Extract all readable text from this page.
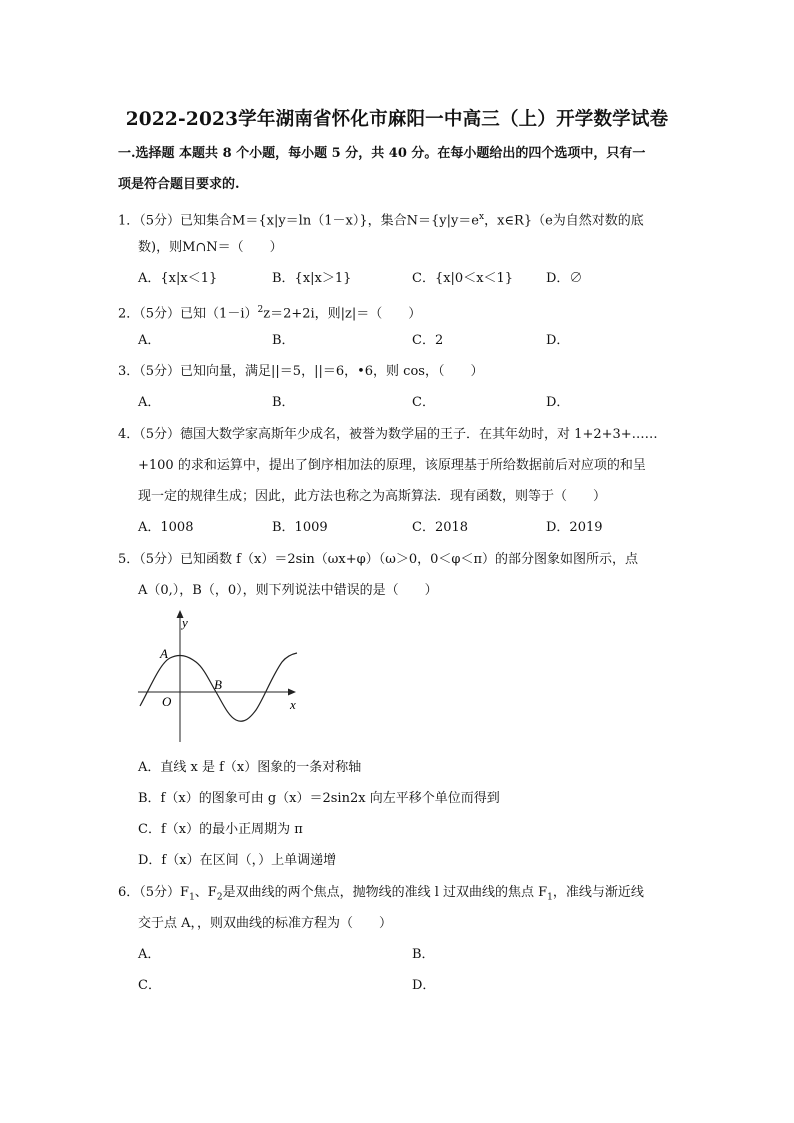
2022-2023学年湖南省怀化市麻阳一中高三（上）开学数学试卷
一.选择题 本题共 8 个小题，每小题 5 分，共 40 分。在每小题给出的四个选项中，只有一
项是符合题目要求的.
1．（5分）已知集合M＝{x|y＝ln（1－x）}，集合$N=\{y|y=e^x$，x∈R}（e为自然对数的底
数)，则M∩N＝（　　）
A．{x|x＜1}	B．{x|x＞1}	C．{x|0＜x＜1}	D．∅
2．（5分）已知$(1-i)^2z=2+2i$，则|z|＝（　　）
A．	B．	C．2	D．
3．（5分）已知向量，满足||＝5，||＝6，•6，则 cos，（　　）
A．	B．	C．	D．
4．（5分）德国大数学家高斯年少成名，被誉为数学届的王子．在其年幼时，对 1+2+3+……
+100 的求和运算中，提出了倒序相加法的原理，该原理基于所给数据前后对应项的和呈
现一定的规律生成；因此，此方法也称之为高斯算法．现有函数，则等于（　　）
A．1008	B．1009	C．2018	D．2019
5．（5分）已知函数 f（x）＝2sin（ωx+φ）（ω＞0，0＜φ＜π）的部分图象如图所示，点
A（0,），B（，0），则下列说法中错误的是（　　）
y
A
B
O	x
A．直线 x 是 f（x）图象的一条对称轴
B．f（x）的图象可由 g（x）＝2sin2x 向左平移个单位而得到
C．f（x）的最小正周期为 π
D．f（x）在区间（，）上单调递增
6．（5分）$F_1$、$F_2$是双曲线的两个焦点，抛物线的准线 l 过双曲线的焦点 $F_1$，准线与渐近线
交于点 A，，则双曲线的标准方程为（　　）
A．	B．
C．	D．
